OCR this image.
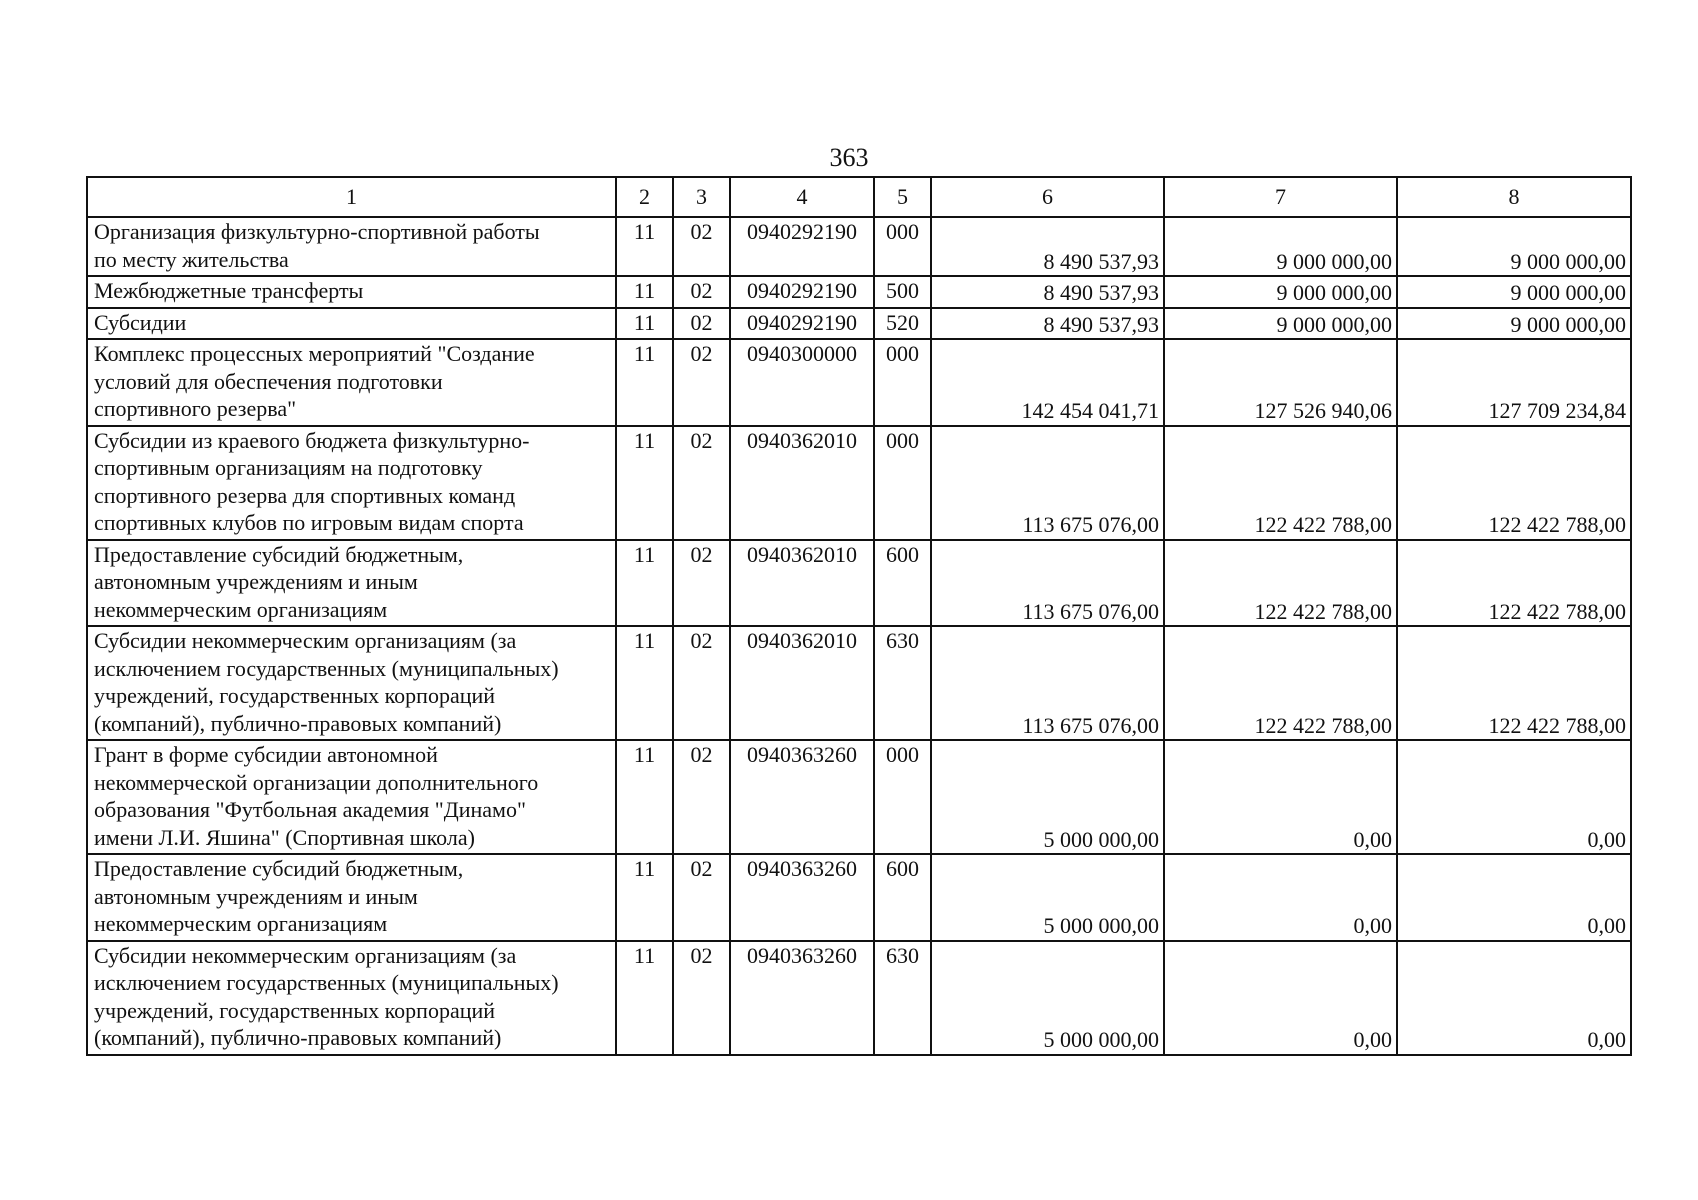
363
1	2	3	4	5	6	7	8
Организация физкультурно-спортивной работы
по месту жительства	11	02	0940292190	000	8 490 537,93	9 000 000,00	9 000 000,00
Межбюджетные трансферты	11	02	0940292190	500	8 490 537,93	9 000 000,00	9 000 000,00
Субсидии	11	02	0940292190	520	8 490 537,93	9 000 000,00	9 000 000,00
Комплекс процессных мероприятий "Создание
условий для обеспечения подготовки
спортивного резерва"	11	02	0940300000	000	142 454 041,71	127 526 940,06	127 709 234,84
Субсидии из краевого бюджета физкультурно-
спортивным организациям на подготовку
спортивного резерва для спортивных команд
спортивных клубов по игровым видам спорта	11	02	0940362010	000	113 675 076,00	122 422 788,00	122 422 788,00
Предоставление субсидий бюджетным,
автономным учреждениям и иным
некоммерческим организациям	11	02	0940362010	600	113 675 076,00	122 422 788,00	122 422 788,00
Субсидии некоммерческим организациям (за
исключением государственных (муниципальных)
учреждений, государственных корпораций
(компаний), публично-правовых компаний)	11	02	0940362010	630	113 675 076,00	122 422 788,00	122 422 788,00
Грант в форме субсидии автономной
некоммерческой организации дополнительного
образования "Футбольная академия "Динамо"
имени Л.И. Яшина" (Спортивная школа)	11	02	0940363260	000	5 000 000,00	0,00	0,00
Предоставление субсидий бюджетным,
автономным учреждениям и иным
некоммерческим организациям	11	02	0940363260	600	5 000 000,00	0,00	0,00
Субсидии некоммерческим организациям (за
исключением государственных (муниципальных)
учреждений, государственных корпораций
(компаний), публично-правовых компаний)	11	02	0940363260	630	5 000 000,00	0,00	0,00
